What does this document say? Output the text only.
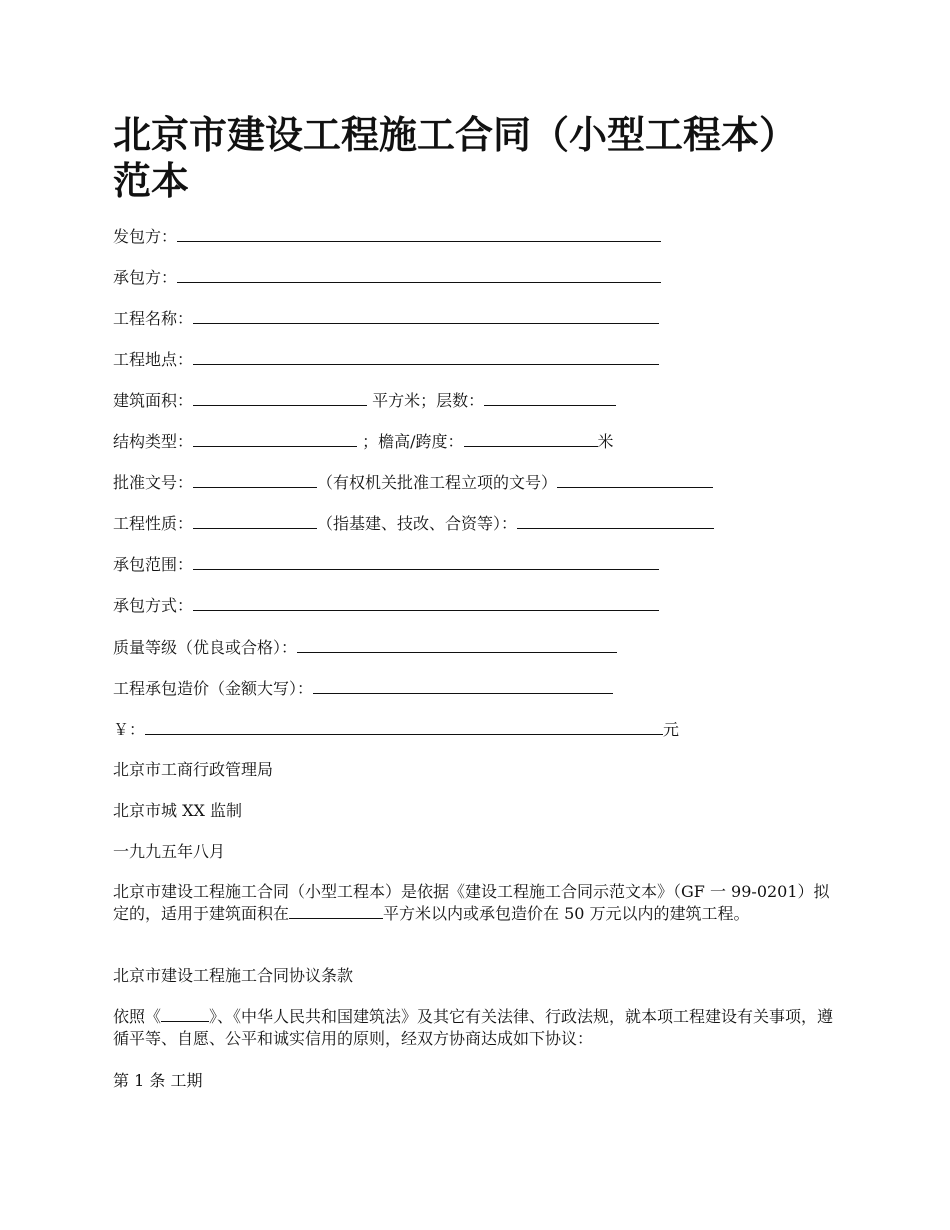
北京市建设工程施工合同（小型工程本）范本
发包方：
承包方：
工程名称：
工程地点：
建筑面积：	平方米；层数：
结构类型：	；檐高/跨度：	米
批准文号：	（有权机关批准工程立项的文号）
工程性质：	（指基建、技改、合资等）：
承包范围：
承包方式：
质量等级（优良或合格）：
工程承包造价（金额大写）：
￥：	元
北京市工商行政管理局
北京市城 XX 监制
一九九五年八月
北京市建设工程施工合同（小型工程本）是依据《建设工程施工合同示范文本》（GF 一 99-0201）拟定的，适用于建筑面积在	平方米以内或承包造价在 50 万元以内的建筑工程。
北京市建设工程施工合同协议条款
依照《	》、《中华人民共和国建筑法》及其它有关法律、行政法规，就本项工程建设有关事项，遵循平等、自愿、公平和诚实信用的原则，经双方协商达成如下协议：
第 1 条 工期
